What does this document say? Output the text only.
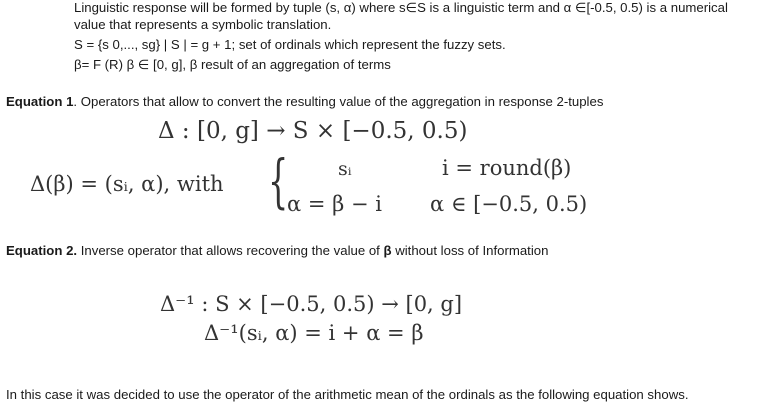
Linguistic response will be formed by tuple (s, α) where s∈S is a linguistic term and α ∈[-0.5, 0.5) is a numerical
value that represents a symbolic translation.
S = {s 0,..., sg} | S | = g + 1; set of ordinals which represent the fuzzy sets.
β= F (R) β ∈ [0, g], β result of an aggregation of terms
Equation 1. Operators that allow to convert the resulting value of the aggregation in response 2-tuples
Δ : [0, g] → S × [−0.5, 0.5)
Δ(β) = (sᵢ, α), with {	sᵢ	i = round(β)
α = β − i α ∈ [−0.5, 0.5)
Equation 2. Inverse operator that allows recovering the value of β without loss of Information
Δ⁻¹ : S × [−0.5, 0.5) → [0, g]
Δ⁻¹(sᵢ, α) = i + α = β
In this case it was decided to use the operator of the arithmetic mean of the ordinals as the following equation shows.
